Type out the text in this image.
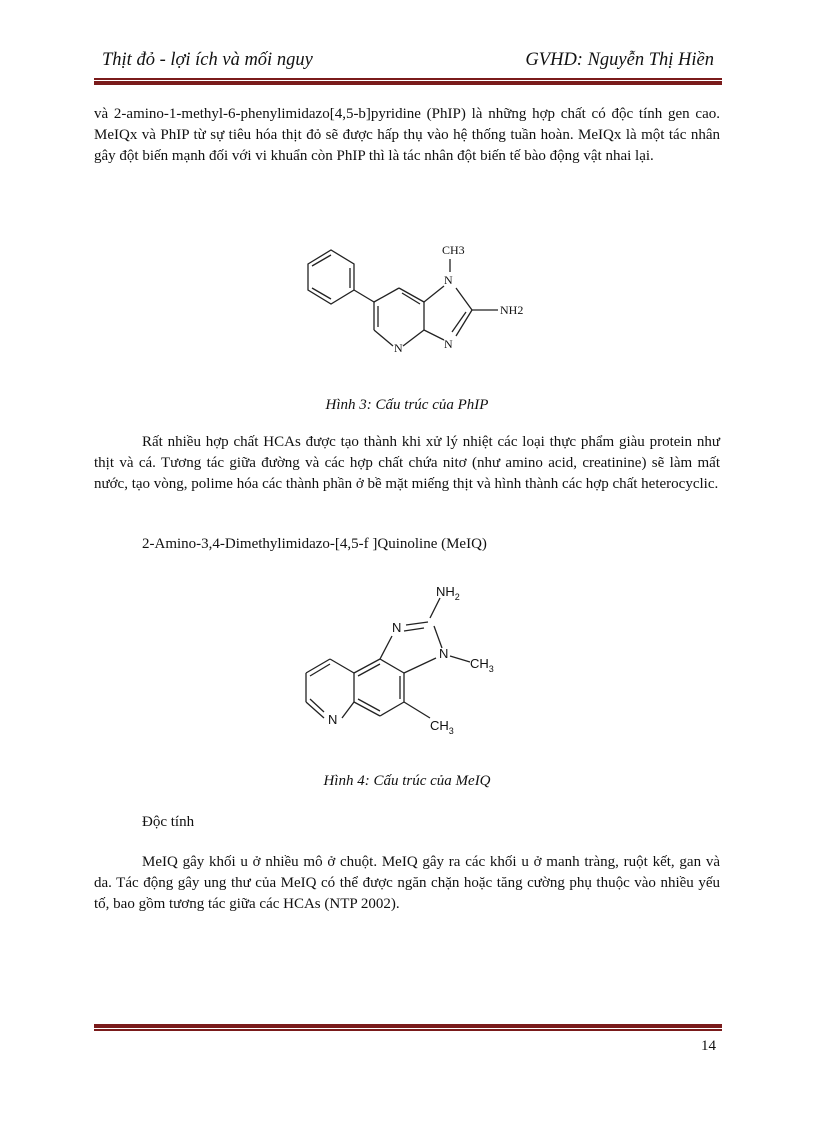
Thịt đỏ - lợi ích và mối nguy	GVHD: Nguyễn Thị Hiền

và 2-amino-1-methyl-6-phenylimidazo[4,5-b]pyridine (PhIP) là những hợp chất có độc tính gen cao. MeIQx và PhIP từ sự tiêu hóa thịt đỏ sẽ được hấp thụ vào hệ thống tuần hoàn. MeIQx là một tác nhân gây đột biến mạnh đối với vi khuẩn còn PhIP thì là tác nhân đột biến tế bào động vật nhai lại.

CH3
N
NH2
N	N
Hình 3: Cấu trúc của PhIP

Rất nhiều hợp chất HCAs được tạo thành khi xử lý nhiệt các loại thực phẩm giàu protein như thịt và cá. Tương tác giữa đường và các hợp chất chứa nitơ (như amino acid, creatinine) sẽ làm mất nước, tạo vòng, polime hóa các thành phần ở bề mặt miếng thịt và hình thành các hợp chất heterocyclic.

2-Amino-3,4-Dimethylimidazo-[4,5-f ]Quinoline (MeIQ)

$NH_2$
N
N
$CH_3$
N	$CH_3$
Hình 4: Cấu trúc của MeIQ

Độc tính

MeIQ gây khối u ở nhiều mô ở chuột. MeIQ gây ra các khối u ở manh tràng, ruột kết, gan và da. Tác động gây ung thư của MeIQ có thể được ngăn chặn hoặc tăng cường phụ thuộc vào nhiều yếu tố, bao gồm tương tác giữa các HCAs (NTP 2002).

14
